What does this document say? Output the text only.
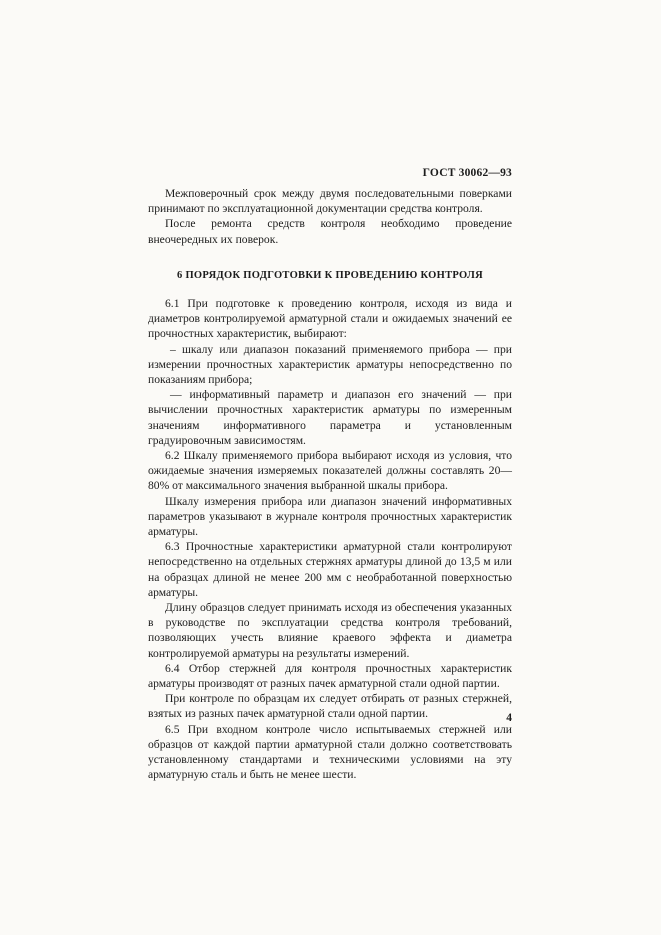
ГОСТ 30062—93

Межповерочный срок между двумя последовательными поверками принимают по эксплуатационной документации средства контроля.

После ремонта средств контроля необходимо проведение внеочередных их поверок.

6 ПОРЯДОК ПОДГОТОВКИ К ПРОВЕДЕНИЮ КОНТРОЛЯ

6.1 При подготовке к проведению контроля, исходя из вида и диаметров контролируемой арматурной стали и ожидаемых значений ее прочностных характеристик, выбирают:

– шкалу или диапазон показаний применяемого прибора — при измерении прочностных характеристик арматуры непосредственно по показаниям прибора;

— информативный параметр и диапазон его значений — при вычислении прочностных характеристик арматуры по измеренным значениям информативного параметра и установленным градуировочным зависимостям.

6.2 Шкалу применяемого прибора выбирают исходя из условия, что ожидаемые значения измеряемых показателей должны составлять 20—80% от максимального значения выбранной шкалы прибора.

Шкалу измерения прибора или диапазон значений информативных параметров указывают в журнале контроля прочностных характеристик арматуры.

6.3 Прочностные характеристики арматурной стали контролируют непосредственно на отдельных стержнях арматуры длиной до 13,5 м или на образцах длиной не менее 200 мм с необработанной поверхностью арматуры.

Длину образцов следует принимать исходя из обеспечения указанных в руководстве по эксплуатации средства контроля требований, позволяющих учесть влияние краевого эффекта и диаметра контролируемой арматуры на результаты измерений.

6.4 Отбор стержней для контроля прочностных характеристик арматуры производят от разных пачек арматурной стали одной партии.

При контроле по образцам их следует отбирать от разных стержней, взятых из разных пачек арматурной стали одной партии.

6.5 При входном контроле число испытываемых стержней или образцов от каждой партии арматурной стали должно соответствовать установленному стандартами и техническими условиями на эту арматурную сталь и быть не менее шести.

4
